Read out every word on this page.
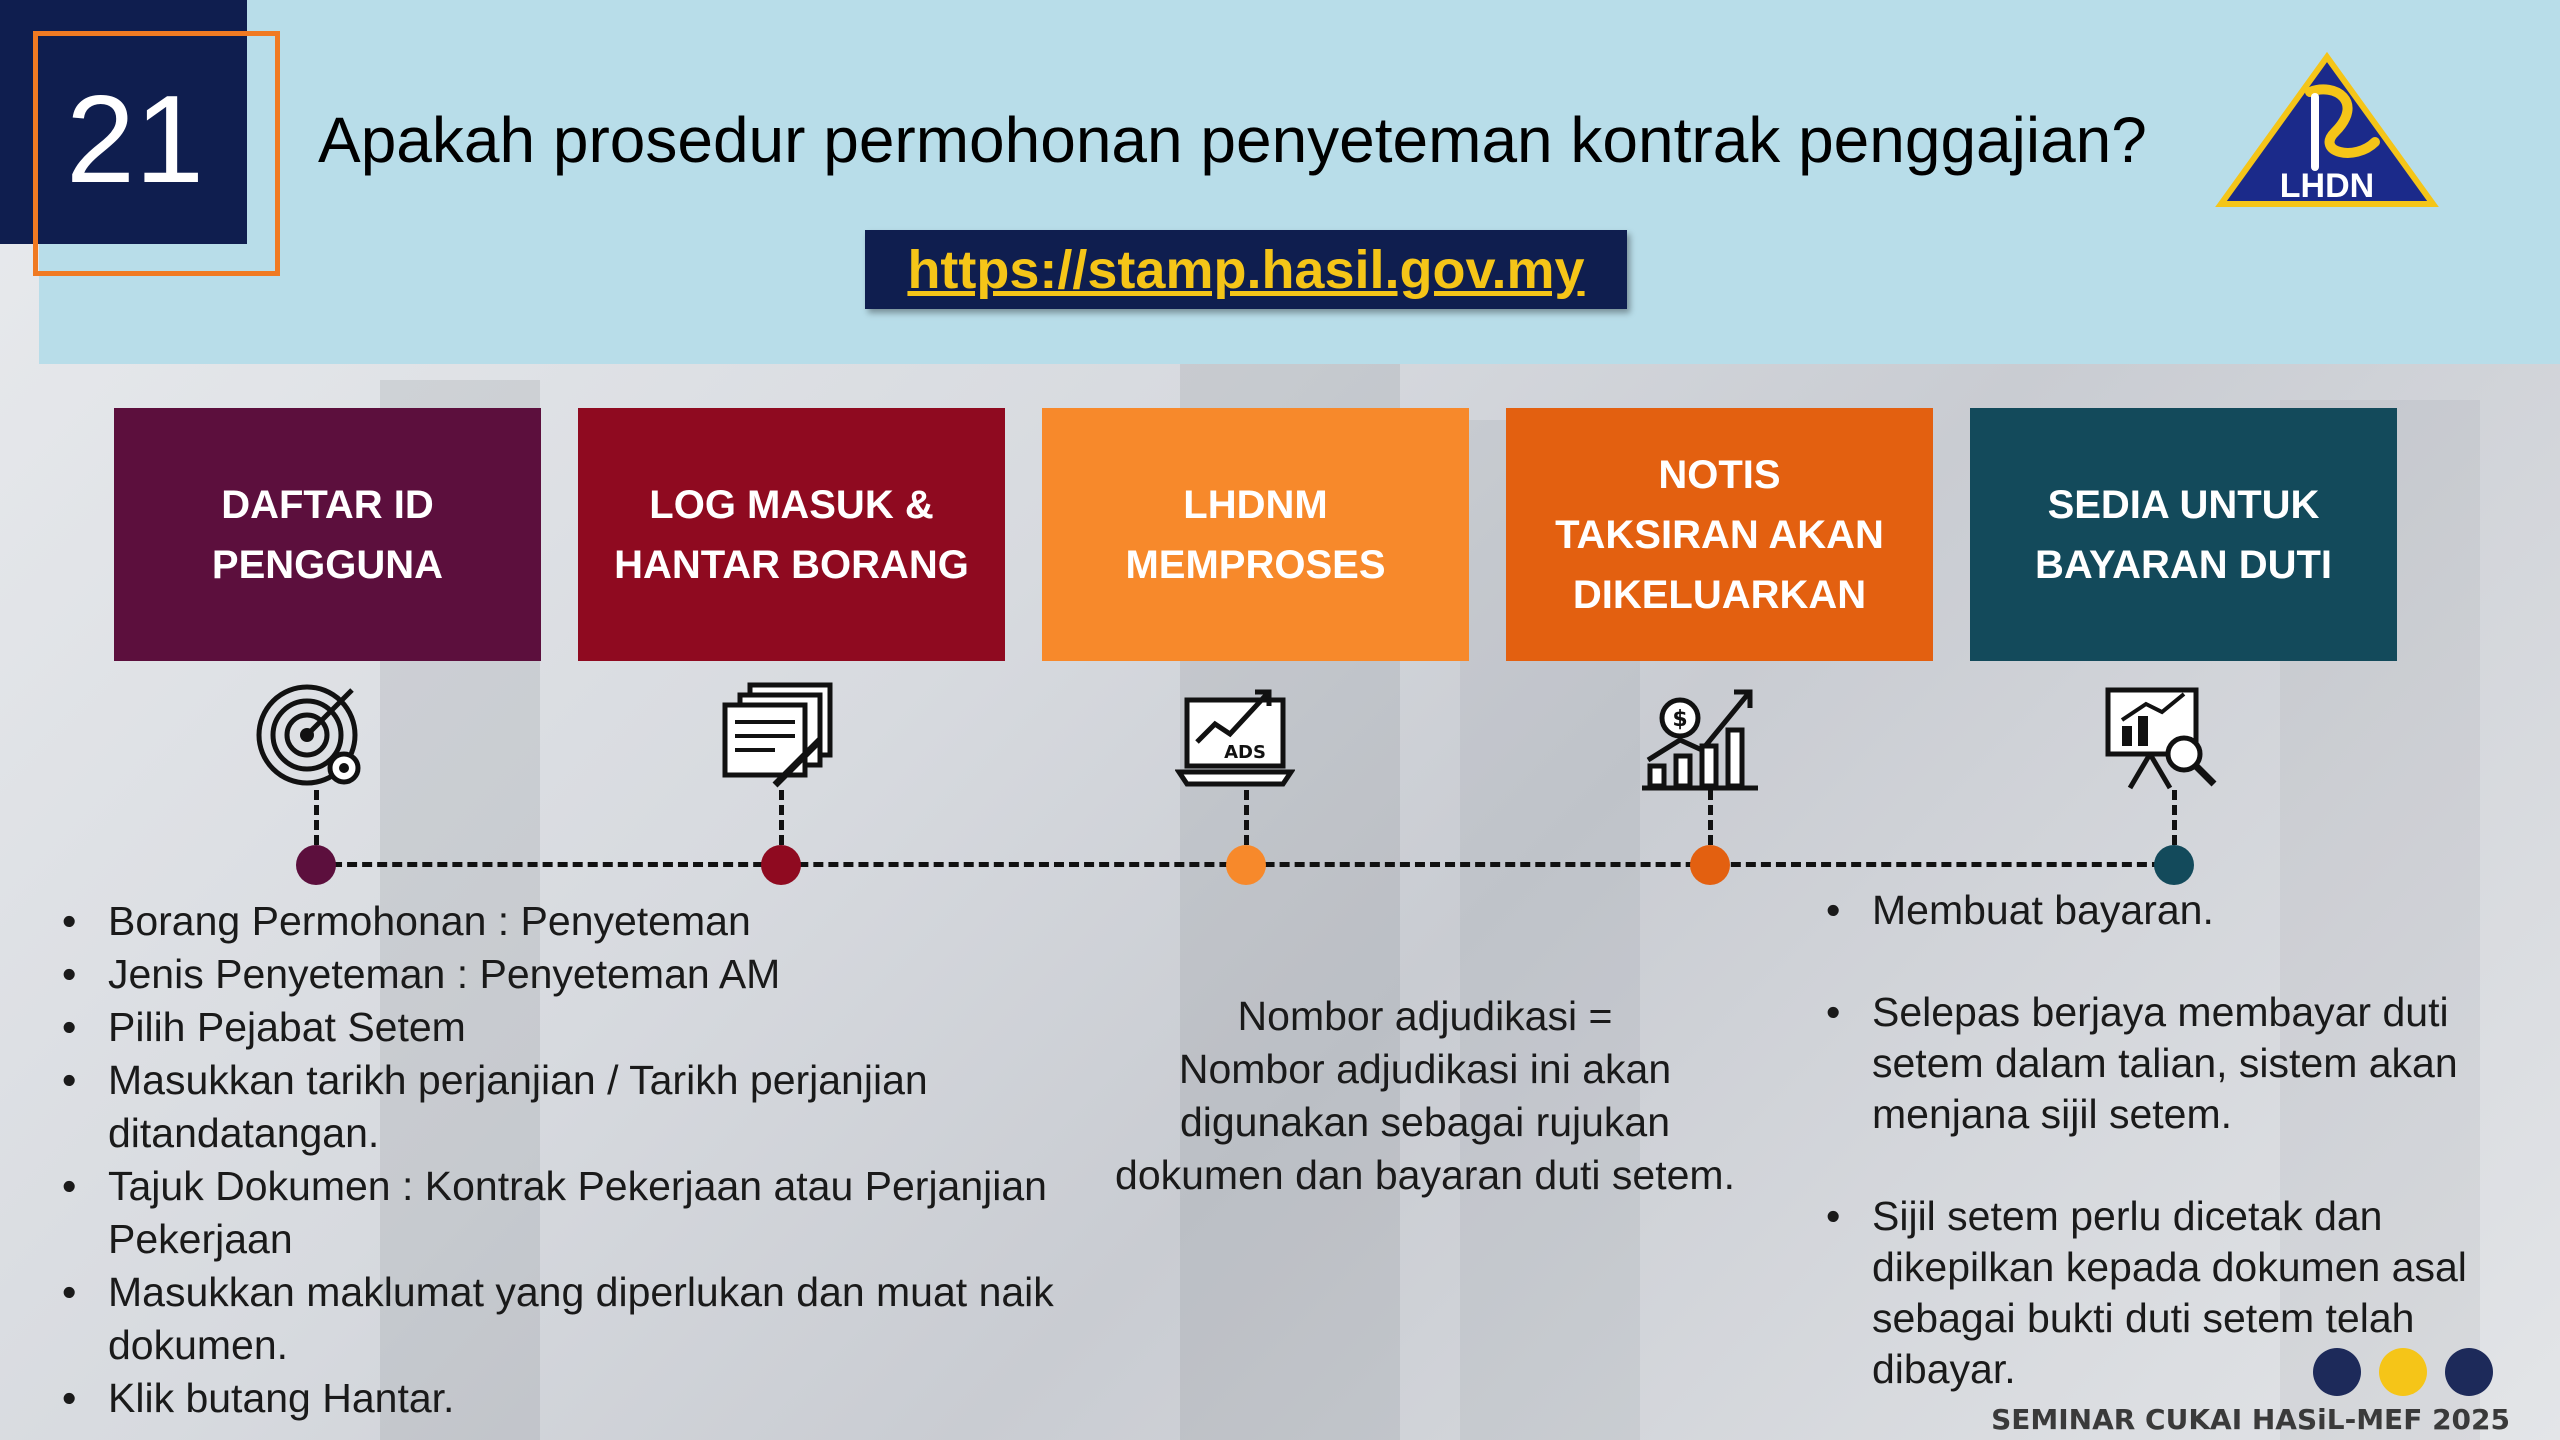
21 Apakah prosedur permohonan penyeteman kontrak penggajian?
https://stamp.hasil.gov.my
LHDN
DAFTAR ID
PENGGUNA
LOG MASUK &
HANTAR BORANG
LHDNM
MEMPROSES
NOTIS
TAKSIRAN AKAN
DIKELUARKAN
SEDIA UNTUK
BAYARAN DUTI
ADS
$
• Borang Permohonan : Penyeteman
• Jenis Penyeteman : Penyeteman AM
• Pilih Pejabat Setem
• Masukkan tarikh perjanjian / Tarikh perjanjian ditandatangan.
• Tajuk Dokumen : Kontrak Pekerjaan atau Perjanjian Pekerjaan
• Masukkan maklumat yang diperlukan dan muat naik dokumen.
• Klik butang Hantar.
Nombor adjudikasi =
Nombor adjudikasi ini akan
digunakan sebagai rujukan
dokumen dan bayaran duti setem.
• Membuat bayaran.
• Selepas berjaya membayar duti setem dalam talian, sistem akan menjana sijil setem.
• Sijil setem perlu dicetak dan dikepilkan kepada dokumen asal sebagai bukti duti setem telah dibayar.
SEMINAR CUKAI HASiL-MEF 2025
